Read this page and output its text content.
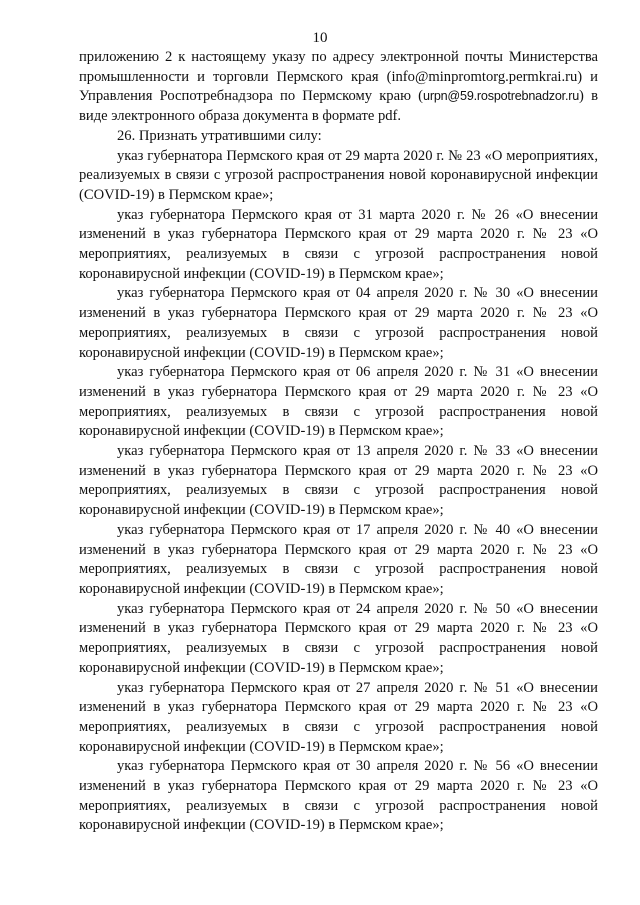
10

приложению 2 к настоящему указу по адресу электронной почты Министерства промышленности и торговли Пермского края (info@minpromtorg.permkrai.ru) и Управления Роспотребнадзора по Пермскому краю (urpn@59.rospotrebnadzor.ru) в виде электронного образа документа в формате pdf.

26. Признать утратившими силу:

указ губернатора Пермского края от 29 марта 2020 г. № 23 «О мероприятиях, реализуемых в связи с угрозой распространения новой коронавирусной инфекции (COVID-19) в Пермском крае»;

указ губернатора Пермского края от 31 марта 2020 г. № 26 «О внесении изменений в указ губернатора Пермского края от 29 марта 2020 г. № 23 «О мероприятиях, реализуемых в связи с угрозой распространения новой коронавирусной инфекции (COVID-19) в Пермском крае»;

указ губернатора Пермского края от 04 апреля 2020 г. № 30 «О внесении изменений в указ губернатора Пермского края от 29 марта 2020 г. № 23 «О мероприятиях, реализуемых в связи с угрозой распространения новой коронавирусной инфекции (COVID-19) в Пермском крае»;

указ губернатора Пермского края от 06 апреля 2020 г. № 31 «О внесении изменений в указ губернатора Пермского края от 29 марта 2020 г. № 23 «О мероприятиях, реализуемых в связи с угрозой распространения новой коронавирусной инфекции (COVID-19) в Пермском крае»;

указ губернатора Пермского края от 13 апреля 2020 г. № 33 «О внесении изменений в указ губернатора Пермского края от 29 марта 2020 г. № 23 «О мероприятиях, реализуемых в связи с угрозой распространения новой коронавирусной инфекции (COVID-19) в Пермском крае»;

указ губернатора Пермского края от 17 апреля 2020 г. № 40 «О внесении изменений в указ губернатора Пермского края от 29 марта 2020 г. № 23 «О мероприятиях, реализуемых в связи с угрозой распространения новой коронавирусной инфекции (COVID-19) в Пермском крае»;

указ губернатора Пермского края от 24 апреля 2020 г. № 50 «О внесении изменений в указ губернатора Пермского края от 29 марта 2020 г. № 23 «О мероприятиях, реализуемых в связи с угрозой распространения новой коронавирусной инфекции (COVID-19) в Пермском крае»;

указ губернатора Пермского края от 27 апреля 2020 г. № 51 «О внесении изменений в указ губернатора Пермского края от 29 марта 2020 г. № 23 «О мероприятиях, реализуемых в связи с угрозой распространения новой коронавирусной инфекции (COVID-19) в Пермском крае»;

указ губернатора Пермского края от 30 апреля 2020 г. № 56 «О внесении изменений в указ губернатора Пермского края от 29 марта 2020 г. № 23 «О мероприятиях, реализуемых в связи с угрозой распространения новой коронавирусной инфекции (COVID-19) в Пермском крае»;
